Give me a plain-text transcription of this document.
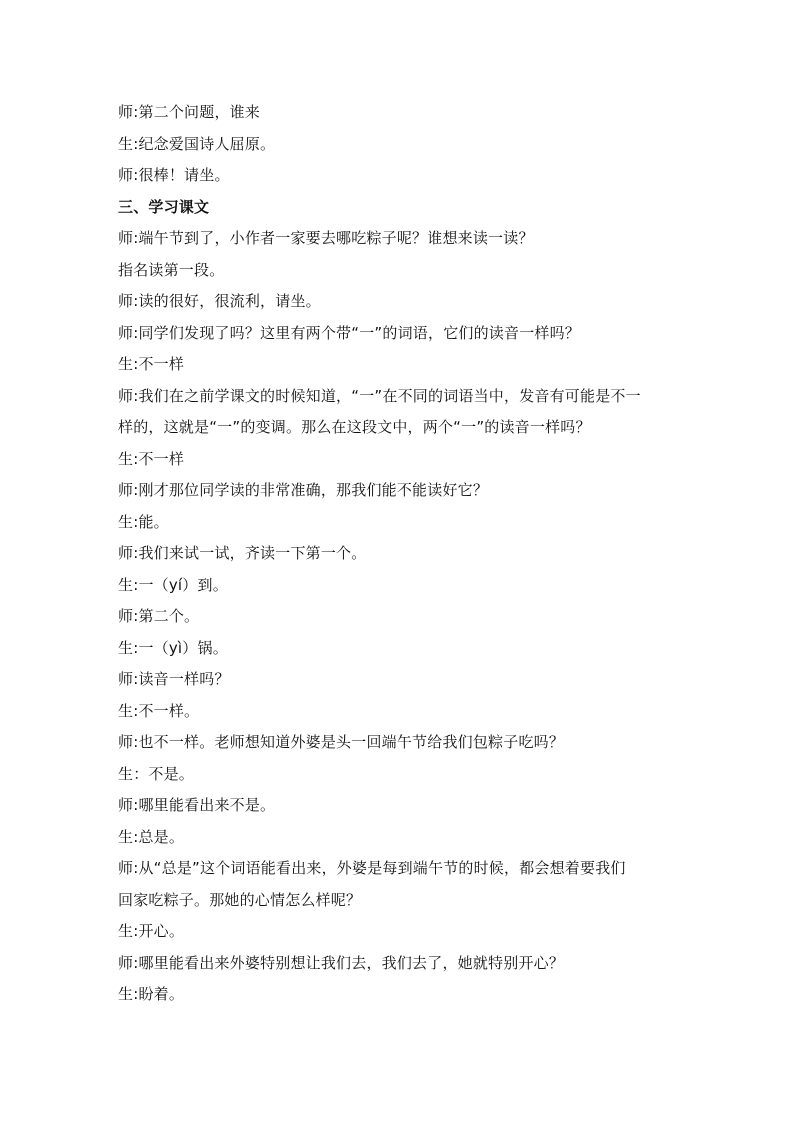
师:第二个问题，谁来
生:纪念爱国诗人屈原。
师:很棒！请坐。
三、学习课文
师:端午节到了，小作者一家要去哪吃粽子呢？谁想来读一读？
指名读第一段。
师:读的很好，很流利，请坐。
师:同学们发现了吗？这里有两个带“一”的词语，它们的读音一样吗？
生:不一样
师:我们在之前学课文的时候知道，“一”在不同的词语当中，发音有可能是不一
样的，这就是“一”的变调。那么在这段文中，两个“一”的读音一样吗？
生:不一样
师:刚才那位同学读的非常准确，那我们能不能读好它？
生:能。
师:我们来试一试，齐读一下第一个。
生:一（yí）到。
师:第二个。
生:一（yì）锅。
师:读音一样吗？
生:不一样。
师:也不一样。老师想知道外婆是头一回端午节给我们包粽子吃吗？
生：不是。
师:哪里能看出来不是。
生:总是。
师:从“总是”这个词语能看出来，外婆是每到端午节的时候，都会想着要我们
回家吃粽子。那她的心情怎么样呢？
生:开心。
师:哪里能看出来外婆特别想让我们去，我们去了，她就特别开心？
生:盼着。
